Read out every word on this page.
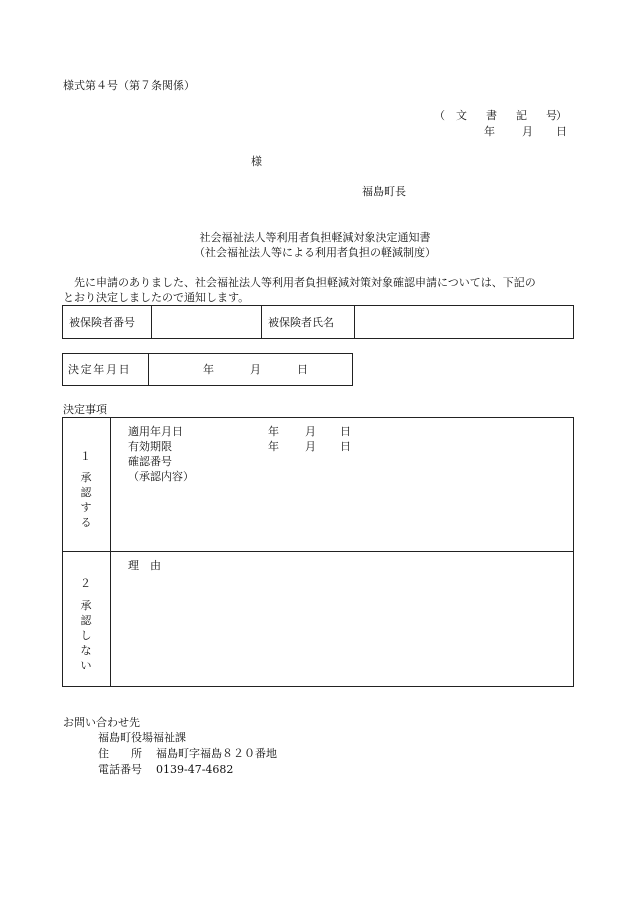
様式第４号（第７条関係）
（ 文 書 記 号 ）
年 月 日
様
福島町長
社会福祉法人等利用者負担軽減対象決定通知書
（社会福祉法人等による利用者負担の軽減制度）
　先に申請のありました、社会福祉法人等利用者負担軽減対策対象確認申請については、下記の
とおり決定しましたので通知します。
被保険者番号	被保険者氏名
決定年月日	年	月	日
決定事項
１
承
認
す
る
適用年月日	年 月 日
有効期限	年 月 日
確認番号
（承認内容）
２
承
認
し
な
い
理　由
お問い合わせ先
福島町役場福祉課
住　　所 福島町字福島８２０番地
電話番号 0139-47-4682
